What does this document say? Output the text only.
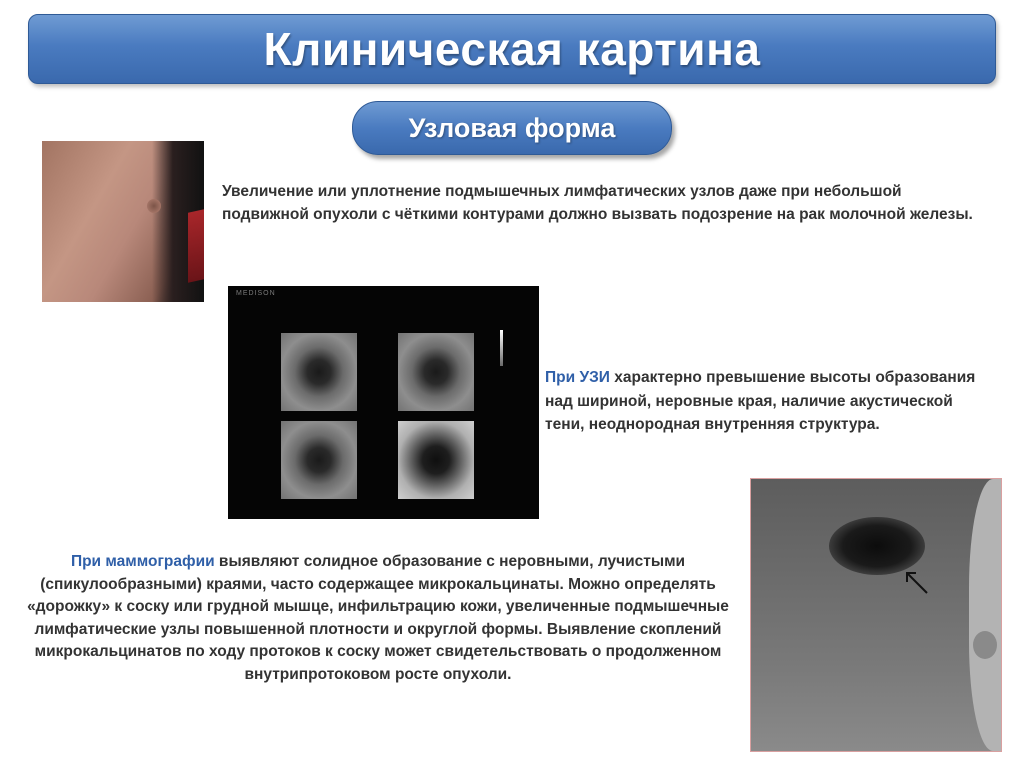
Клиническая картина
Узловая форма

Увеличение или уплотнение подмышечных лимфатических узлов даже при небольшой подвижной опухоли с чёткими контурами должно вызвать подозрение на рак молочной железы.

MEDISON

При УЗИ характерно превышение высоты образования над шириной, неровные края, наличие акустической тени, неоднородная внутренняя структура.

При маммографии выявляют солидное образование с неровными, лучистыми (спикулообразными) краями, часто содержащее микрокальцинаты. Можно определять «дорожку» к соску или грудной мышце, инфильтрацию кожи, увеличенные подмышечные лимфатические узлы повышенной плотности и округлой формы. Выявление скоплений микрокальцинатов по ходу протоков к соску может свидетельствовать о продолженном внутрипротоковом росте опухоли.
